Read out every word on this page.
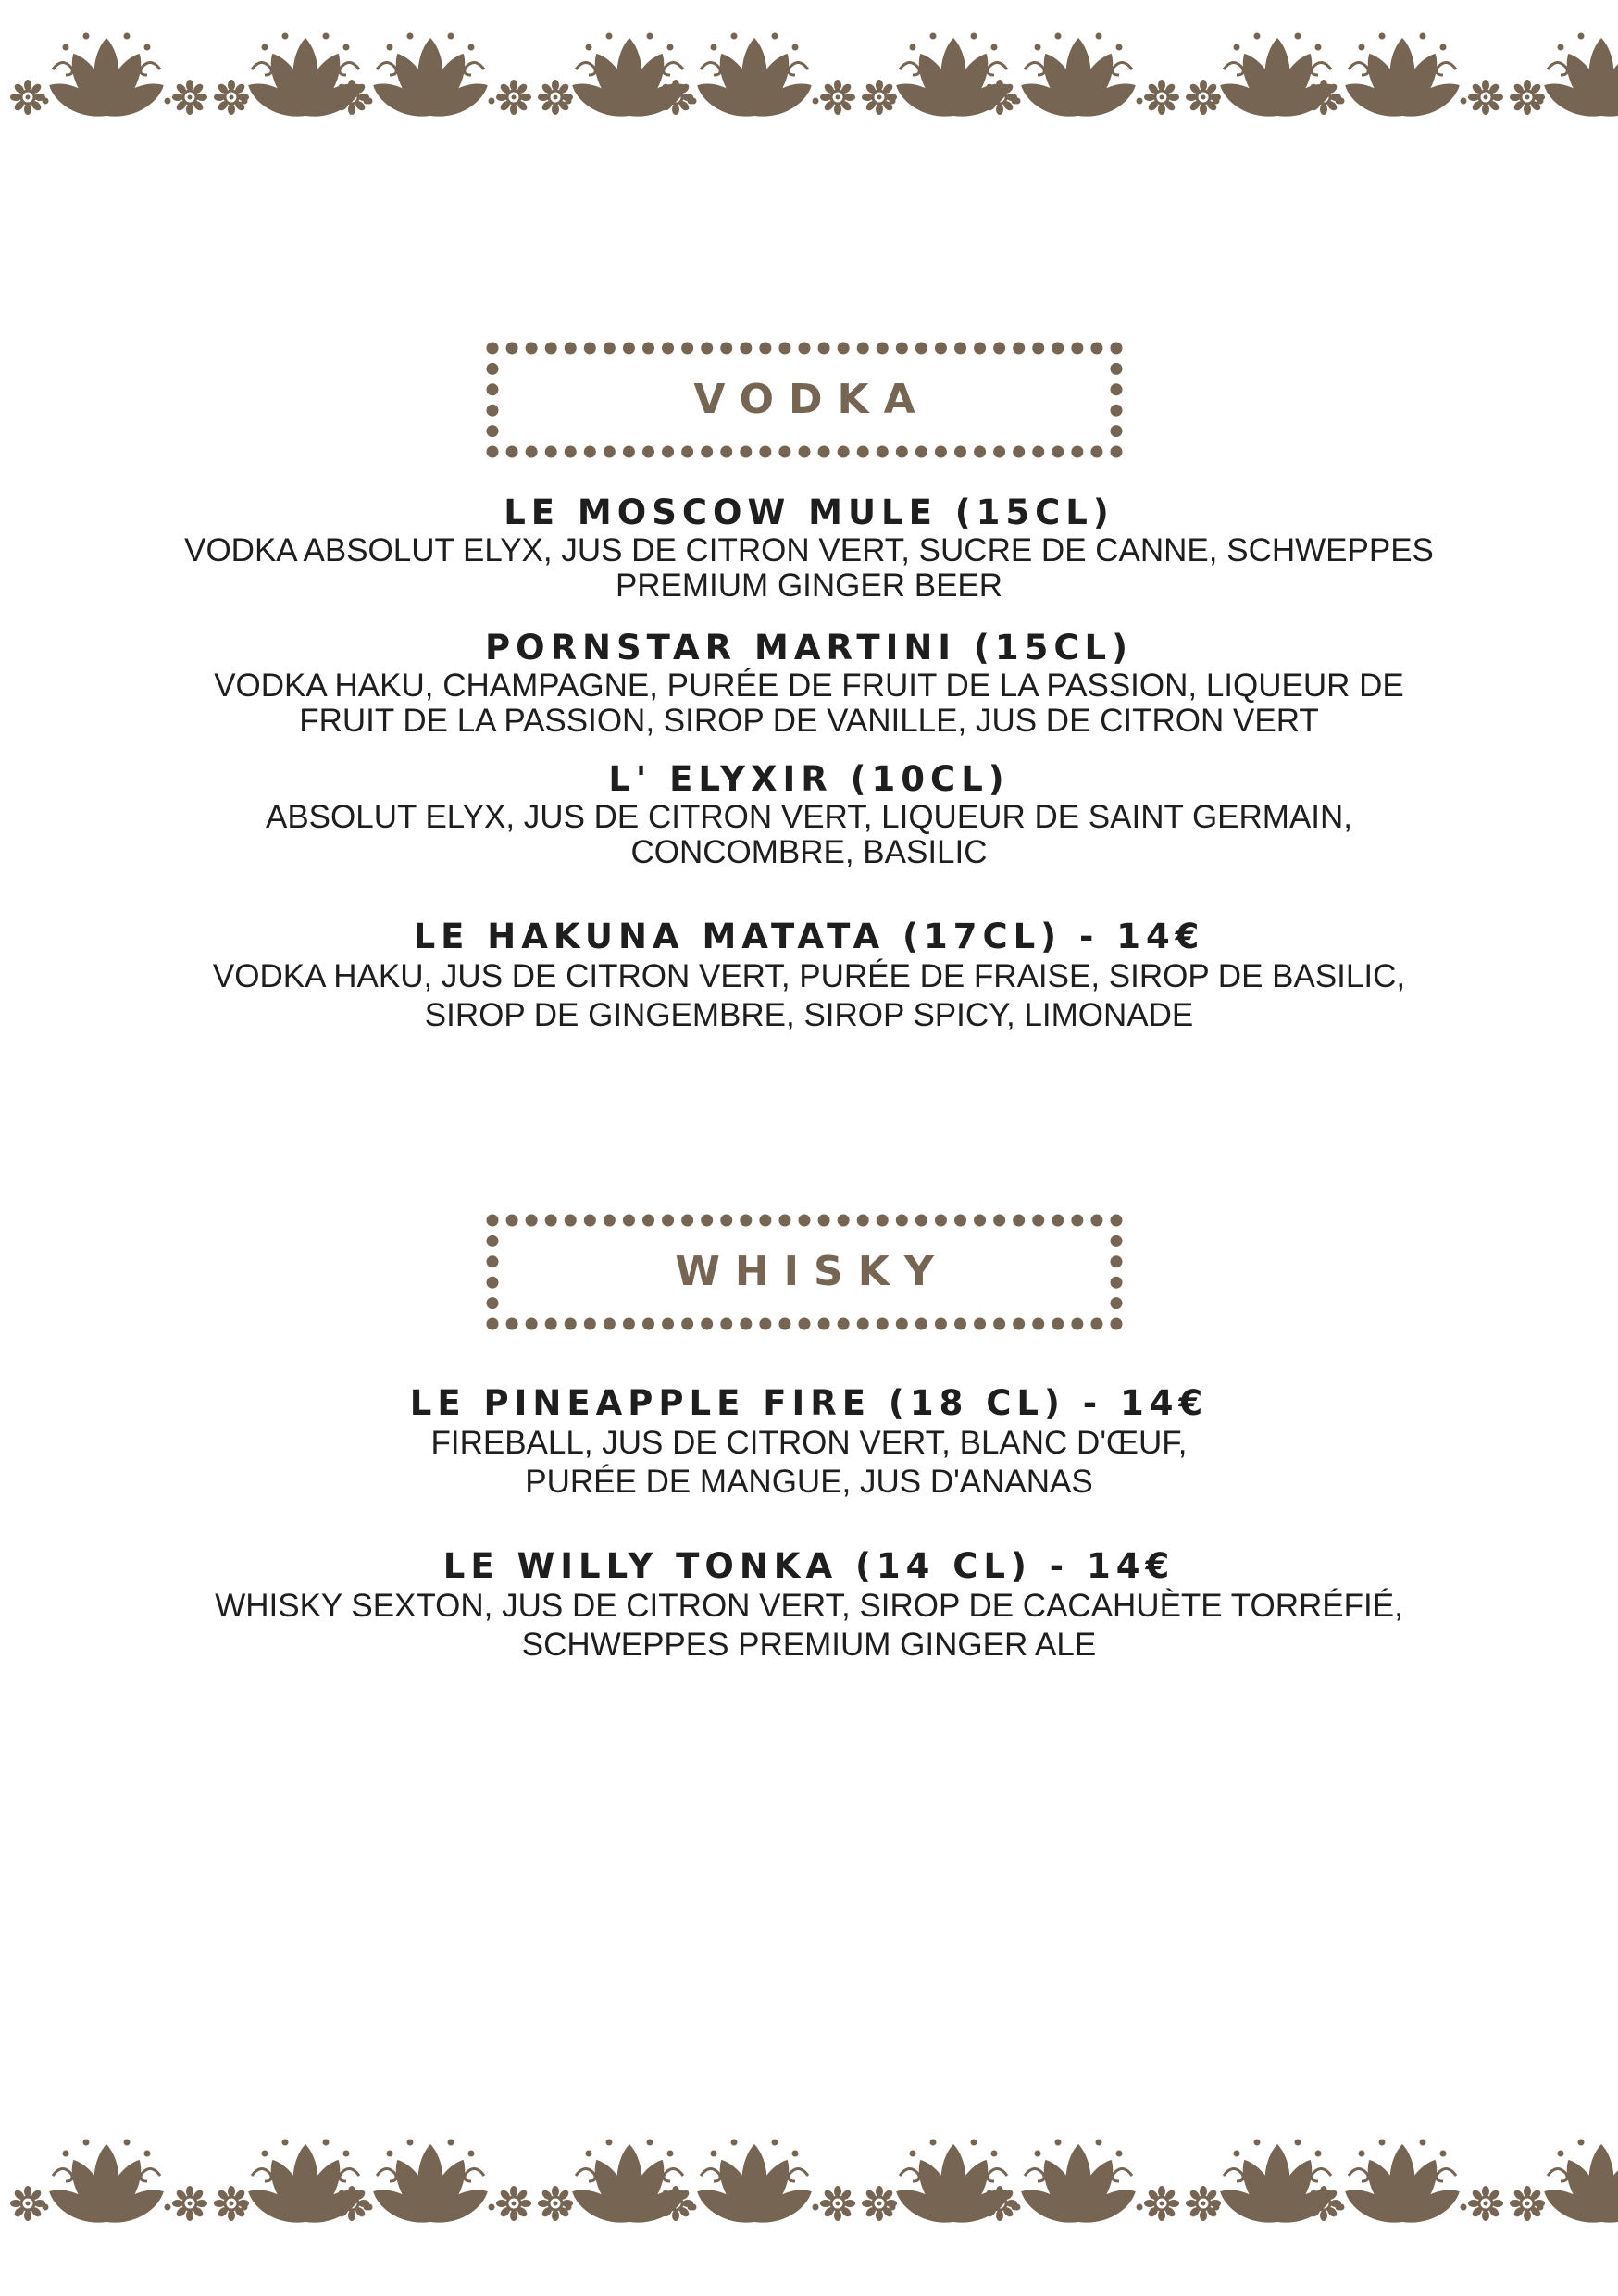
VODKA
LE MOSCOW MULE (15CL)
VODKA ABSOLUT ELYX, JUS DE CITRON VERT, SUCRE DE CANNE, SCHWEPPES
PREMIUM GINGER BEER
PORNSTAR MARTINI (15CL)
VODKA HAKU, CHAMPAGNE, PURÉE DE FRUIT DE LA PASSION, LIQUEUR DE
FRUIT DE LA PASSION, SIROP DE VANILLE, JUS DE CITRON VERT
L' ELYXIR (10CL)
ABSOLUT ELYX, JUS DE CITRON VERT, LIQUEUR DE SAINT GERMAIN,
CONCOMBRE, BASILIC
LE HAKUNA MATATA (17CL) - 14€
VODKA HAKU, JUS DE CITRON VERT, PURÉE DE FRAISE, SIROP DE BASILIC,
SIROP DE GINGEMBRE, SIROP SPICY, LIMONADE
WHISKY
LE PINEAPPLE FIRE (18 CL) - 14€
FIREBALL, JUS DE CITRON VERT, BLANC D'ŒUF,
PURÉE DE MANGUE, JUS D'ANANAS
LE WILLY TONKA (14 CL) - 14€
WHISKY SEXTON, JUS DE CITRON VERT, SIROP DE CACAHUÈTE TORRÉFIÉ,
SCHWEPPES PREMIUM GINGER ALE
